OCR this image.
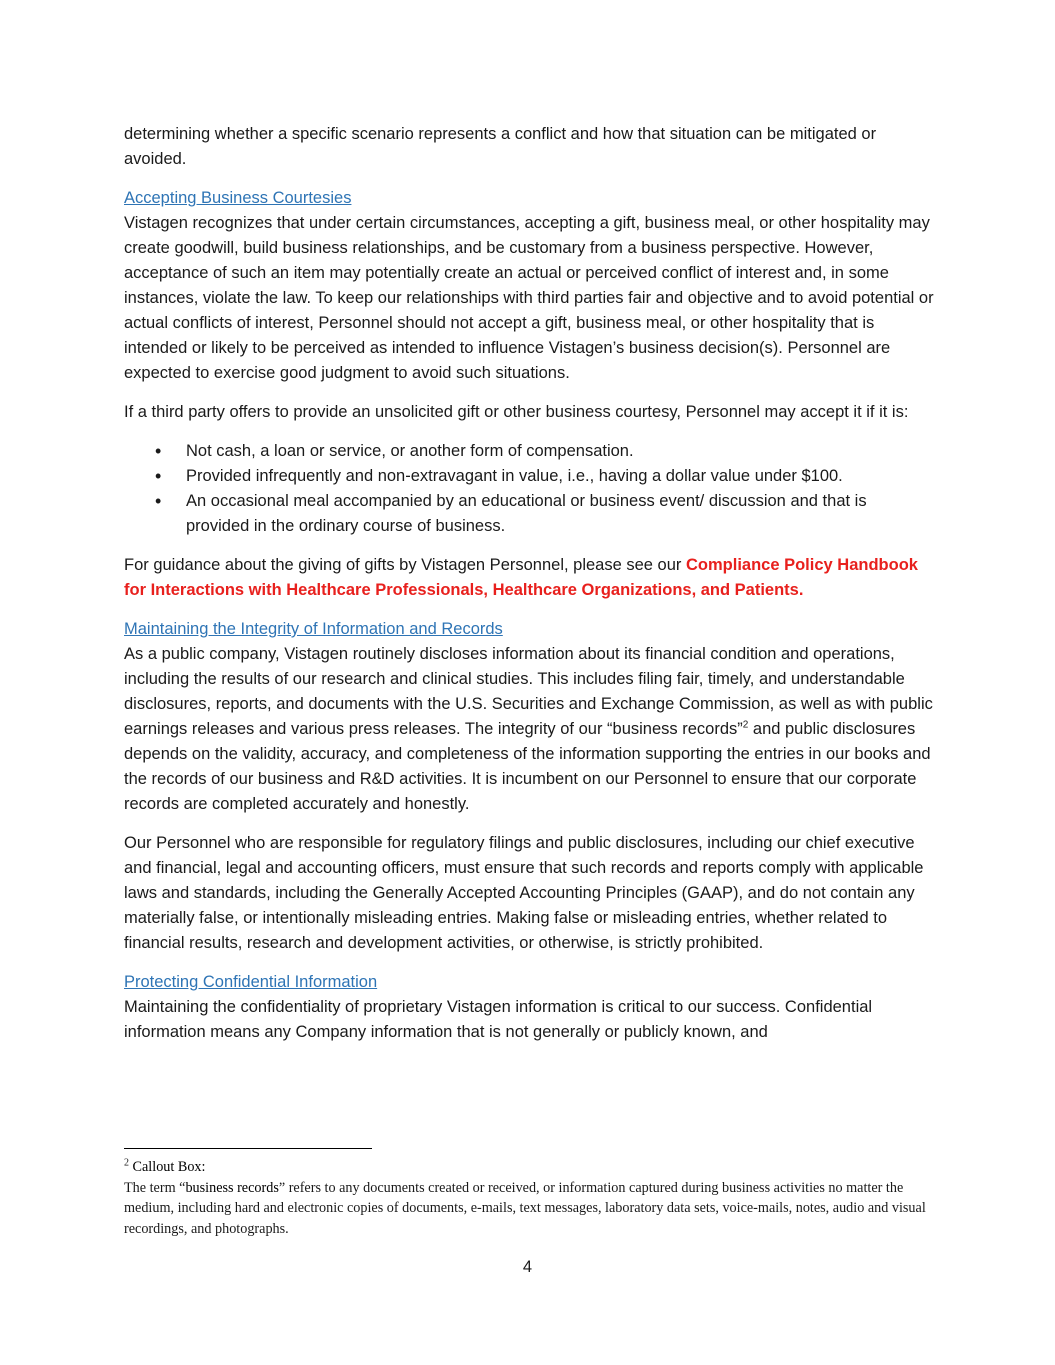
determining whether a specific scenario represents a conflict and how that situation can be mitigated or avoided.

Accepting Business Courtesies

Vistagen recognizes that under certain circumstances, accepting a gift, business meal, or other hospitality may create goodwill, build business relationships, and be customary from a business perspective. However, acceptance of such an item may potentially create an actual or perceived conflict of interest and, in some instances, violate the law. To keep our relationships with third parties fair and objective and to avoid potential or actual conflicts of interest, Personnel should not accept a gift, business meal, or other hospitality that is intended or likely to be perceived as intended to influence Vistagen’s business decision(s). Personnel are expected to exercise good judgment to avoid such situations.

If a third party offers to provide an unsolicited gift or other business courtesy, Personnel may accept it if it is:

• Not cash, a loan or service, or another form of compensation.
• Provided infrequently and non-extravagant in value, i.e., having a dollar value under $100.
• An occasional meal accompanied by an educational or business event/ discussion and that is provided in the ordinary course of business.

For guidance about the giving of gifts by Vistagen Personnel, please see our Compliance Policy Handbook for Interactions with Healthcare Professionals, Healthcare Organizations, and Patients.

Maintaining the Integrity of Information and Records

As a public company, Vistagen routinely discloses information about its financial condition and operations, including the results of our research and clinical studies. This includes filing fair, timely, and understandable disclosures, reports, and documents with the U.S. Securities and Exchange Commission, as well as with public earnings releases and various press releases. The integrity of our “business records”$^2$ and public disclosures depends on the validity, accuracy, and completeness of the information supporting the entries in our books and the records of our business and R&D activities. It is incumbent on our Personnel to ensure that our corporate records are completed accurately and honestly.

Our Personnel who are responsible for regulatory filings and public disclosures, including our chief executive and financial, legal and accounting officers, must ensure that such records and reports comply with applicable laws and standards, including the Generally Accepted Accounting Principles (GAAP), and do not contain any materially false, or intentionally misleading entries. Making false or misleading entries, whether related to financial results, research and development activities, or otherwise, is strictly prohibited.

Protecting Confidential Information

Maintaining the confidentiality of proprietary Vistagen information is critical to our success. Confidential information means any Company information that is not generally or publicly known, and

$^2$ Callout Box:

The term “business records” refers to any documents created or received, or information captured during business activities no matter the medium, including hard and electronic copies of documents, e-mails, text messages, laboratory data sets, voice-mails, notes, audio and visual recordings, and photographs.

4
